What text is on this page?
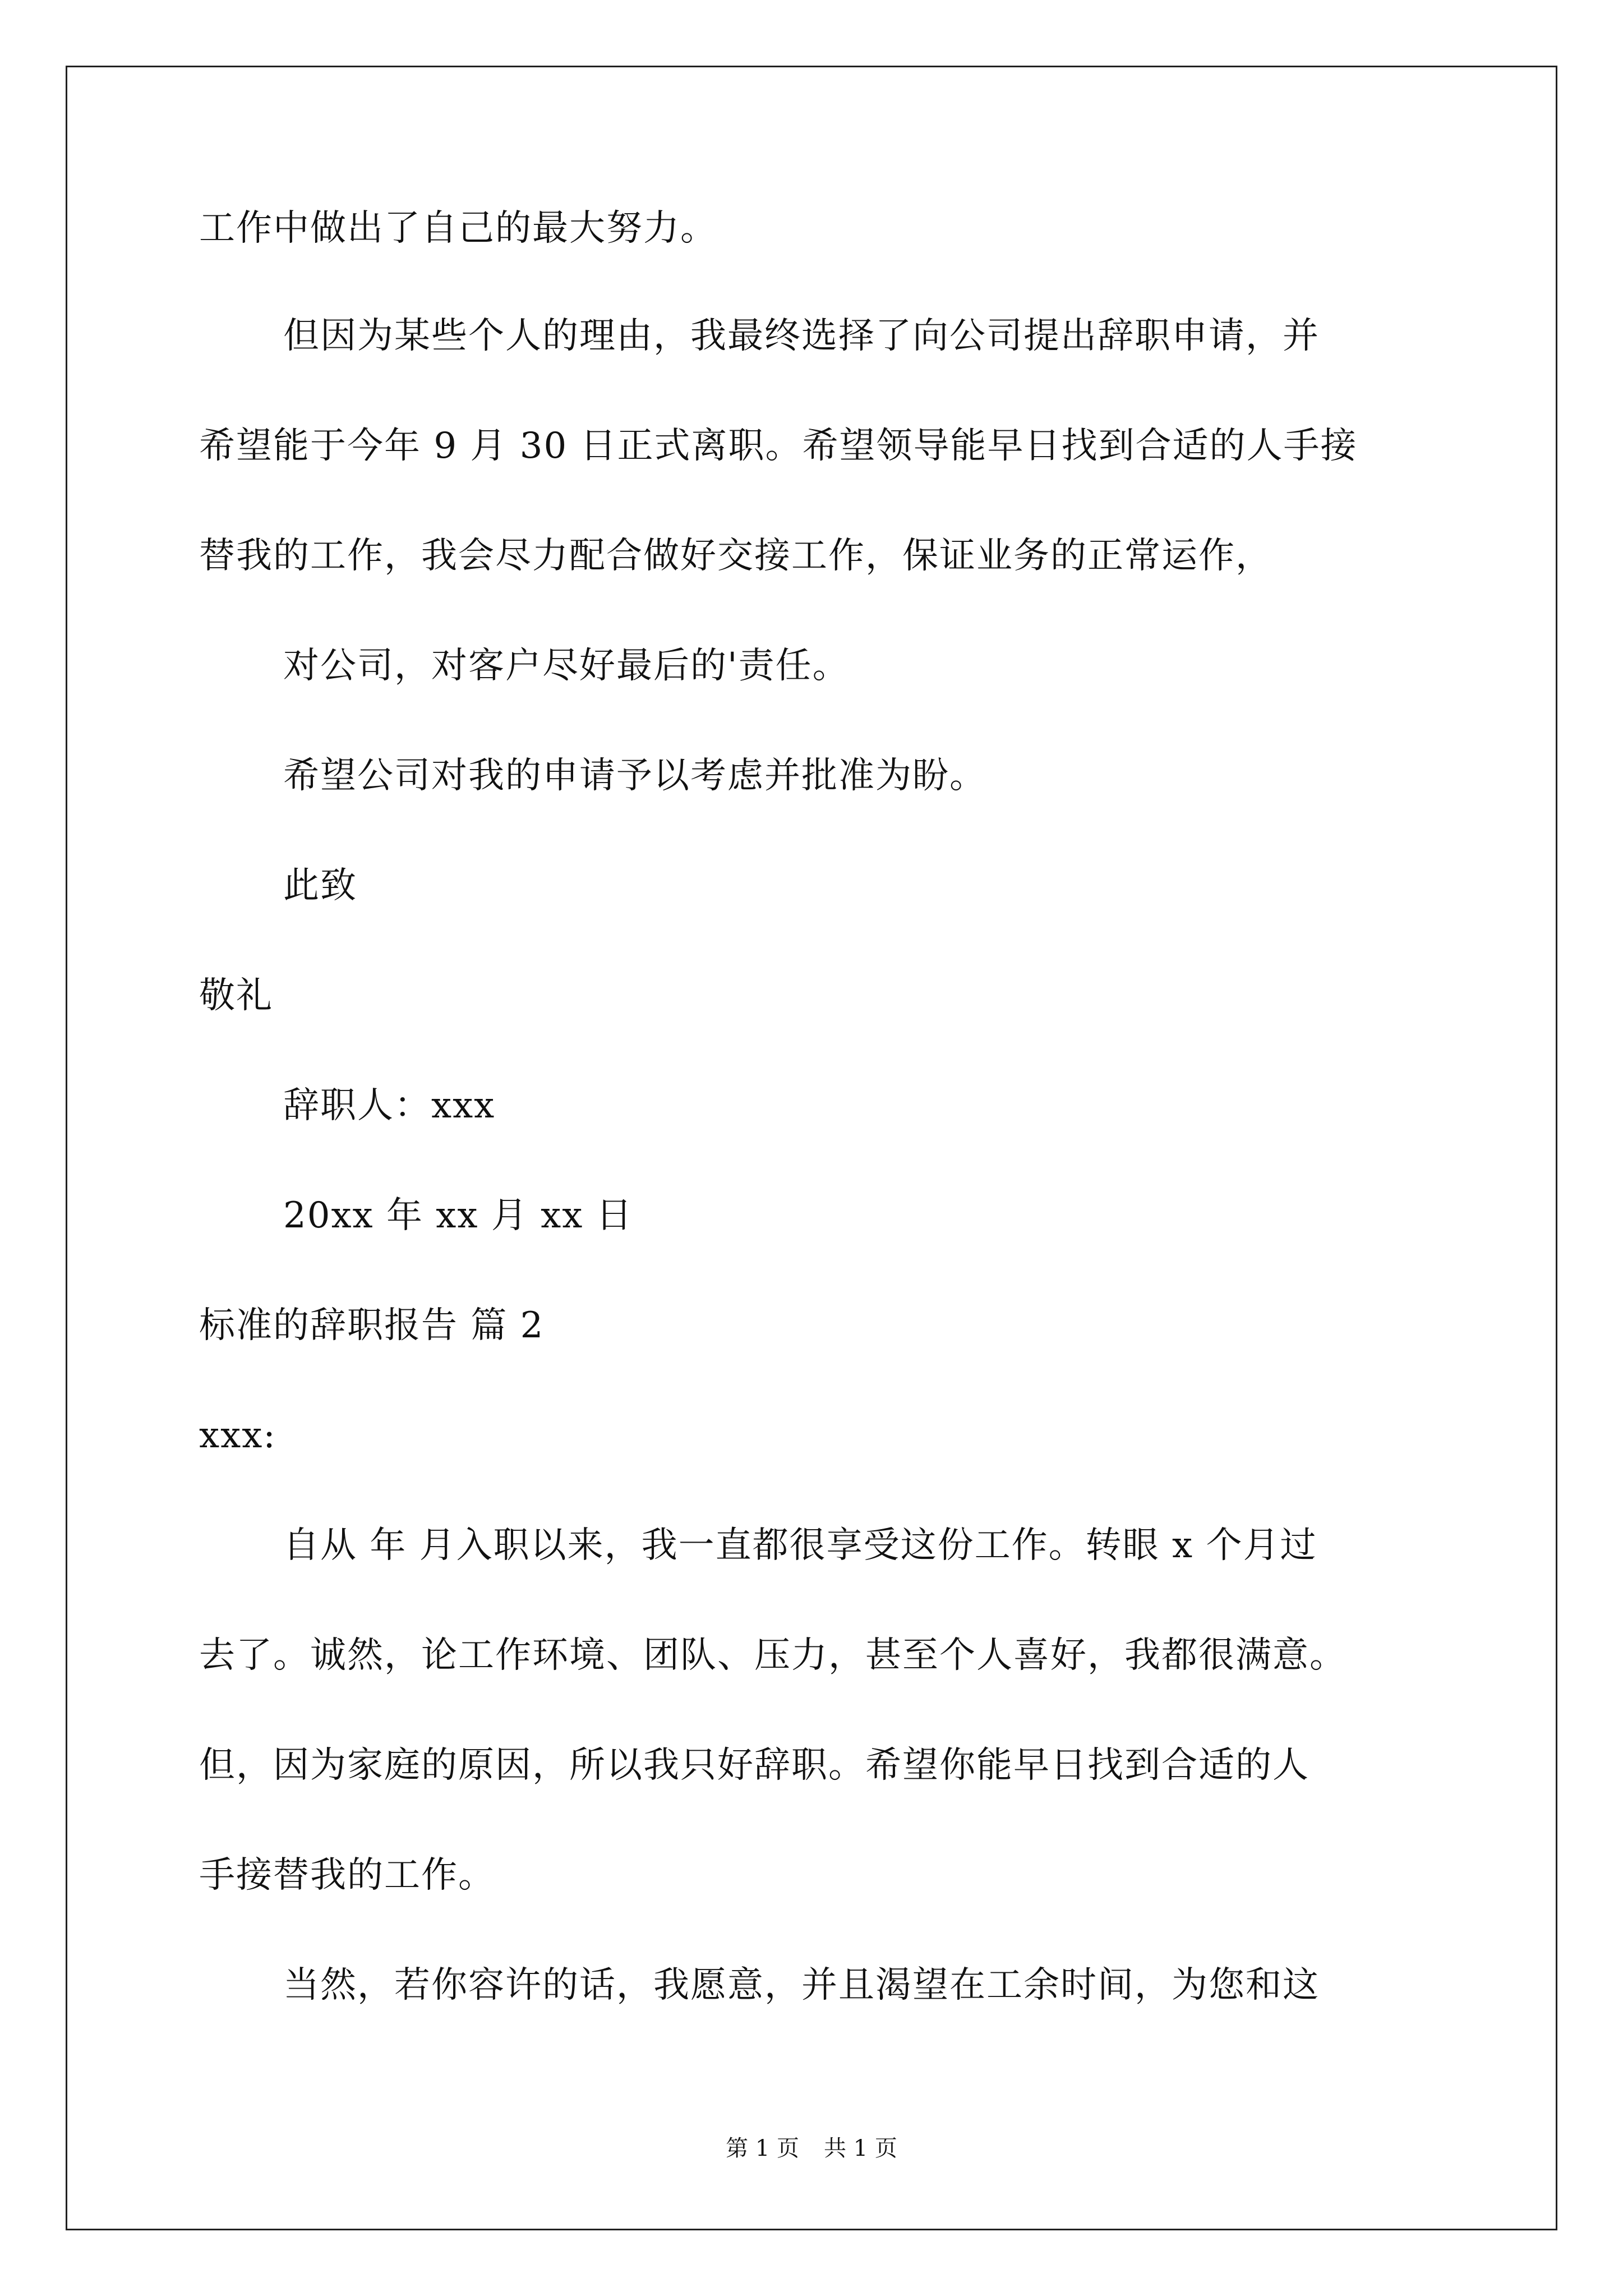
工作中做出了自己的最大努力。
但因为某些个人的理由，我最终选择了向公司提出辞职申请，并
希望能于今年 9 月 30 日正式离职。希望领导能早日找到合适的人手接
替我的工作，我会尽力配合做好交接工作，保证业务的正常运作，
对公司，对客户尽好最后的'责任。
希望公司对我的申请予以考虑并批准为盼。
此致
敬礼
辞职人：xxx
20xx 年 xx 月 xx 日
标准的辞职报告 篇 2
xxx:
自从 年 月入职以来，我一直都很享受这份工作。转眼 x 个月过
去了。诚然，论工作环境、团队、压力，甚至个人喜好，我都很满意。
但，因为家庭的原因，所以我只好辞职。希望你能早日找到合适的人
手接替我的工作。
当然，若你容许的话，我愿意，并且渴望在工余时间，为您和这
第 1 页 共 1 页
